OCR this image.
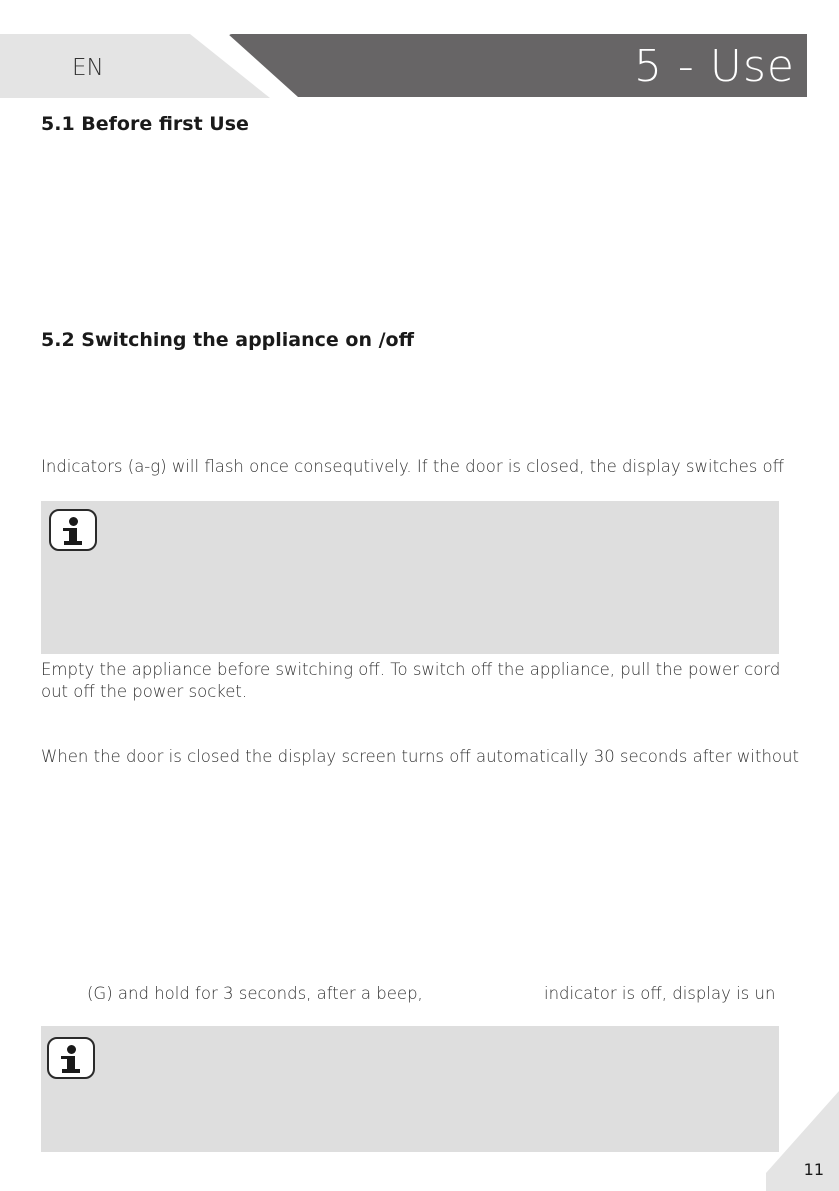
EN	5 - Use
5.1 Before first Use
5.2 Switching the appliance on /off
Indicators (a-g) will flash once consequtively. If the door is closed, the display switches off
Empty the appliance before switching off. To switch off the appliance, pull the power cord
out off the power socket.
When the door is closed the display screen turns off automatically 30 seconds after without
(G) and hold for 3 seconds, after a beep,	indicator is off, display is un
11
